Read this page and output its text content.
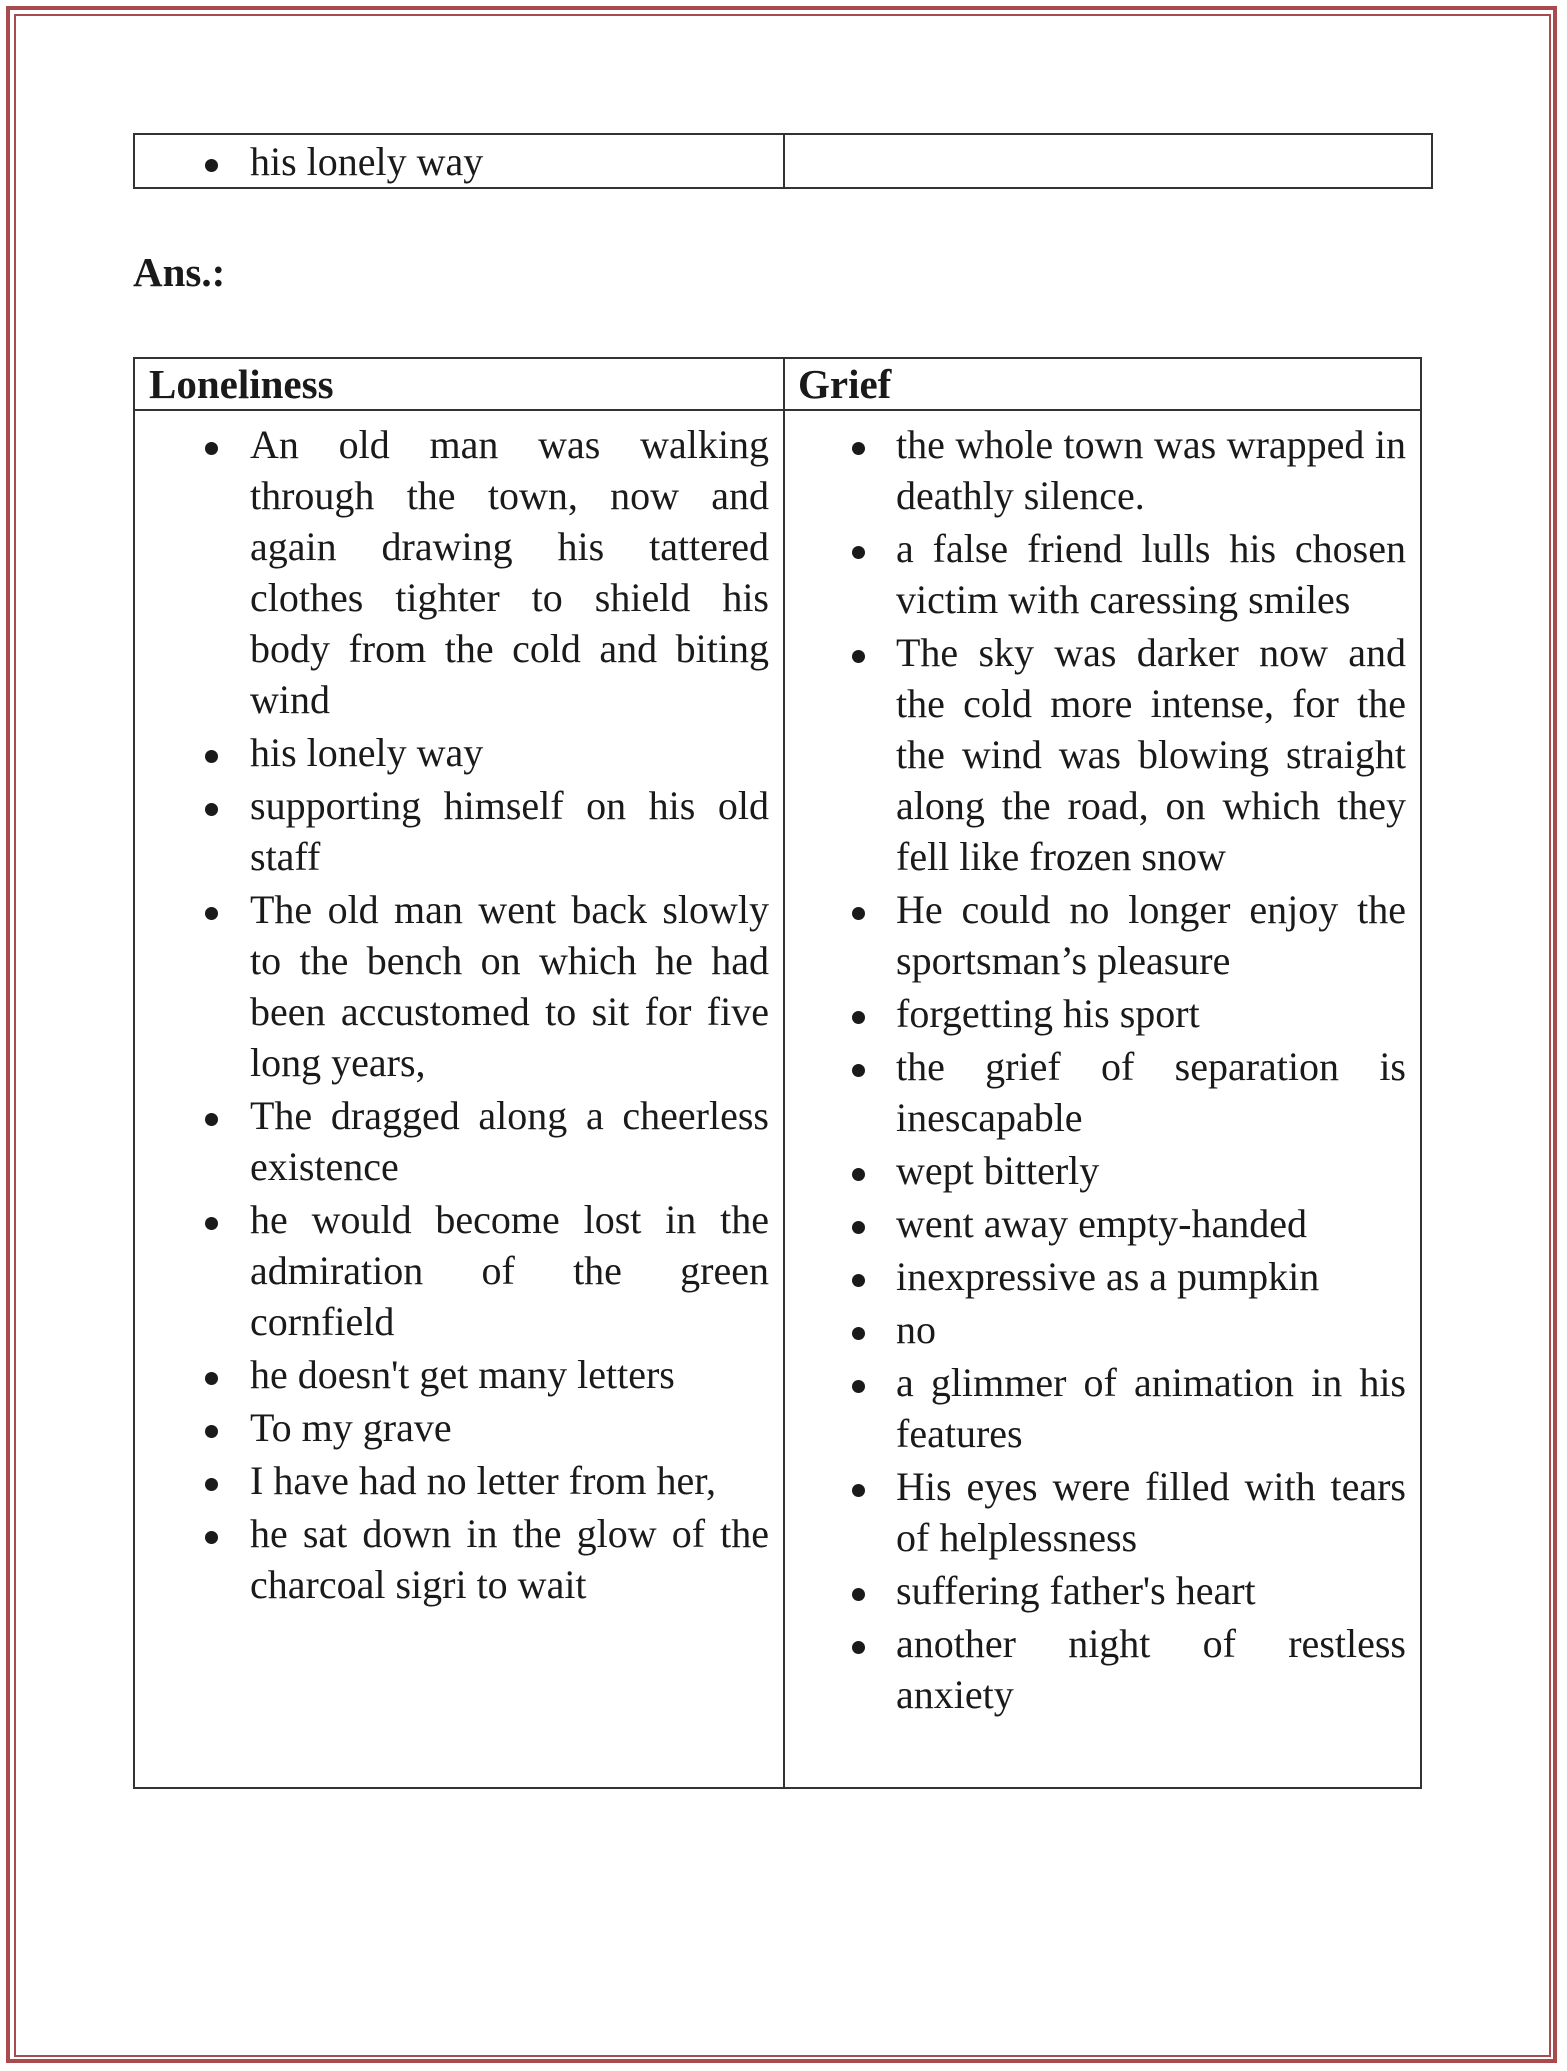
his lonely way
Ans.:
Loneliness	Grief
An old man was walking through the town, now and again drawing his tattered clothes tighter to shield his body from the cold and biting wind
his lonely way
supporting himself on his old staff
The old man went back slowly to the bench on which he had been accustomed to sit for five long years,
The dragged along a cheerless existence
he would become lost in the admiration of the green cornfield
he doesn't get many letters
To my grave
I have had no letter from her,
he sat down in the glow of the charcoal sigri to wait
the whole town was wrapped in deathly silence.
a false friend lulls his chosen victim with caressing smiles
The sky was darker now and the cold more intense, for the the wind was blowing straight along the road, on which they fell like frozen snow
He could no longer enjoy the sportsman’s pleasure
forgetting his sport
the grief of separation is inescapable
wept bitterly
went away empty-handed
inexpressive as a pumpkin
no
a glimmer of animation in his features
His eyes were filled with tears of helplessness
suffering father's heart
another night of restless anxiety
